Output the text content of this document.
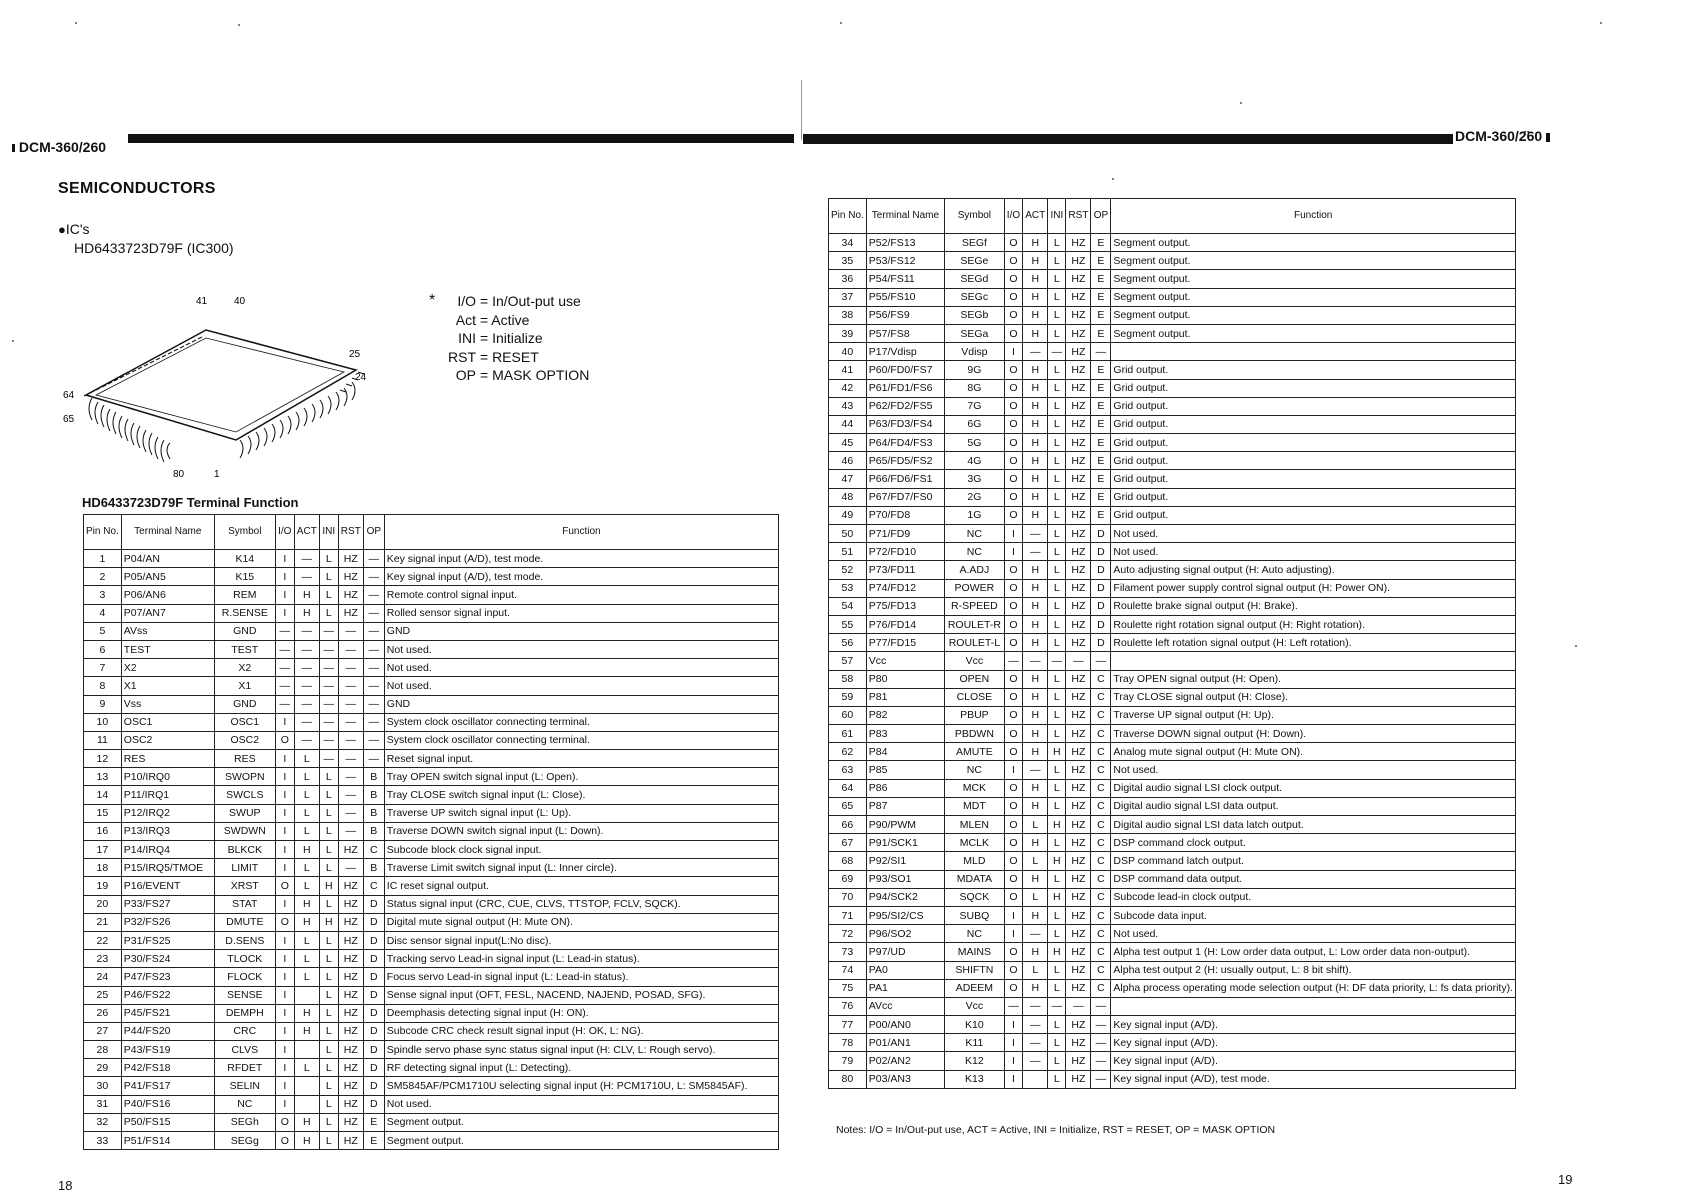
DCM-360/260
DCM-360/2̈60
SEMICONDUCTORS
●IC's
HD6433723D79F (IC300)
41	40
25
24
64
65
80	1
* I/O	= In/Out-put use
Act	= Active
INI	= Initialize
RST	= RESET
OP	= MASK OPTION
HD6433723D79F Terminal Function
Pin No.	Terminal Name	Symbol	I/O	ACT	INI	RST	OP	Function
1	P04/AN	K14	I	—	L	HZ	—	Key signal input (A/D), test mode.
2	P05/AN5	K15	I	—	L	HZ	—	Key signal input (A/D), test mode.
3	P06/AN6	REM	I	H	L	HZ	—	Remote control signal input.
4	P07/AN7	R.SENSE	I	H	L	HZ	—	Rolled sensor signal input.
5	AVss	GND	—	—	—	—	—	GND
6	TEST	TEST	—	—	—	—	—	Not used.
7	X2	X2	—	—	—	—	—	Not used.
8	X1	X1	—	—	—	—	—	Not used.
9	Vss	GND	—	—	—	—	—	GND
10	OSC1	OSC1	I	—	—	—	—	System clock oscillator connecting terminal.
11	OSC2	OSC2	O	—	—	—	—	System clock oscillator connecting terminal.
12	RES	RES	I	L	—	—	—	Reset signal input.
13	P10/IRQ0	SWOPN	I	L	L	—	B	Tray OPEN switch signal input (L: Open).
14	P11/IRQ1	SWCLS	I	L	L	—	B	Tray CLOSE switch signal input (L: Close).
15	P12/IRQ2	SWUP	I	L	L	—	B	Traverse UP switch signal input (L: Up).
16	P13/IRQ3	SWDWN	I	L	L	—	B	Traverse DOWN switch signal input (L: Down).
17	P14/IRQ4	BLKCK	I	H	L	HZ	C	Subcode block clock signal input.
18	P15/IRQ5/TMOE	LIMIT	I	L	L	—	B	Traverse Limit switch signal input (L: Inner circle).
19	P16/EVENT	XRST	O	L	H	HZ	C	IC reset signal output.
20	P33/FS27	STAT	I	H	L	HZ	D	Status signal input (CRC, CUE, CLVS, TTSTOP, FCLV, SQCK).
21	P32/FS26	DMUTE	O	H	H	HZ	D	Digital mute signal output (H: Mute ON).
22	P31/FS25	D.SENS	I	L	L	HZ	D	Disc sensor signal input(L:No disc).
23	P30/FS24	TLOCK	I	L	L	HZ	D	Tracking servo Lead-in signal input (L: Lead-in status).
24	P47/FS23	FLOCK	I	L	L	HZ	D	Focus servo Lead-in signal input (L: Lead-in status).
25	P46/FS22	SENSE	I		L	HZ	D	Sense signal input (OFT, FESL, NACEND, NAJEND, POSAD, SFG).
26	P45/FS21	DEMPH	I	H	L	HZ	D	Deemphasis detecting signal input (H: ON).
27	P44/FS20	CRC	I	H	L	HZ	D	Subcode CRC check result signal input (H: OK, L: NG).
28	P43/FS19	CLVS	I		L	HZ	D	Spindle servo phase sync status signal input (H: CLV, L: Rough servo).
29	P42/FS18	RFDET	I	L	L	HZ	D	RF detecting signal input (L: Detecting).
30	P41/FS17	SELIN	I		L	HZ	D	SM5845AF/PCM1710U selecting signal input (H: PCM1710U, L: SM5845AF).
31	P40/FS16	NC	I		L	HZ	D	Not used.
32	P50/FS15	SEGh	O	H	L	HZ	E	Segment output.
33	P51/FS14	SEGg	O	H	L	HZ	E	Segment output.
Pin No.	Terminal Name	Symbol	I/O	ACT	INI	RST	OP	Function
34	P52/FS13	SEGf	O	H	L	HZ	E	Segment output.
35	P53/FS12	SEGe	O	H	L	HZ	E	Segment output.
36	P54/FS11	SEGd	O	H	L	HZ	E	Segment output.
37	P55/FS10	SEGc	O	H	L	HZ	E	Segment output.
38	P56/FS9	SEGb	O	H	L	HZ	E	Segment output.
39	P57/FS8	SEGa	O	H	L	HZ	E	Segment output.
40	P17/Vdisp	Vdisp	I	—	—	HZ	—	
41	P60/FD0/FS7	9G	O	H	L	HZ	E	Grid output.
42	P61/FD1/FS6	8G	O	H	L	HZ	E	Grid output.
43	P62/FD2/FS5	7G	O	H	L	HZ	E	Grid output.
44	P63/FD3/FS4	6G	O	H	L	HZ	E	Grid output.
45	P64/FD4/FS3	5G	O	H	L	HZ	E	Grid output.
46	P65/FD5/FS2	4G	O	H	L	HZ	E	Grid output.
47	P66/FD6/FS1	3G	O	H	L	HZ	E	Grid output.
48	P67/FD7/FS0	2G	O	H	L	HZ	E	Grid output.
49	P70/FD8	1G	O	H	L	HZ	E	Grid output.
50	P71/FD9	NC	I	—	L	HZ	D	Not used.
51	P72/FD10	NC	I	—	L	HZ	D	Not used.
52	P73/FD11	A.ADJ	O	H	L	HZ	D	Auto adjusting signal output (H: Auto adjusting).
53	P74/FD12	POWER	O	H	L	HZ	D	Filament power supply control signal output (H: Power ON).
54	P75/FD13	R-SPEED	O	H	L	HZ	D	Roulette brake signal output (H: Brake).
55	P76/FD14	ROULET-R	O	H	L	HZ	D	Roulette right rotation signal output (H: Right rotation).
56	P77/FD15	ROULET-L	O	H	L	HZ	D	Roulette left rotation signal output (H: Left rotation).
57	Vcc	Vcc	—	—	—	—	—	
58	P80	OPEN	O	H	L	HZ	C	Tray OPEN signal output (H: Open).
59	P81	CLOSE	O	H	L	HZ	C	Tray CLOSE signal output (H: Close).
60	P82	PBUP	O	H	L	HZ	C	Traverse UP signal output (H: Up).
61	P83	PBDWN	O	H	L	HZ	C	Traverse DOWN signal output (H: Down).
62	P84	AMUTE	O	H	H	HZ	C	Analog mute signal output (H: Mute ON).
63	P85	NC	I	—	L	HZ	C	Not used.
64	P86	MCK	O	H	L	HZ	C	Digital audio signal LSI clock output.
65	P87	MDT	O	H	L	HZ	C	Digital audio signal LSI data output.
66	P90/PWM	MLEN	O	L	H	HZ	C	Digital audio signal LSI data latch output.
67	P91/SCK1	MCLK	O	H	L	HZ	C	DSP command clock output.
68	P92/SI1	MLD	O	L	H	HZ	C	DSP command latch output.
69	P93/SO1	MDATA	O	H	L	HZ	C	DSP command data output.
70	P94/SCK2	SQCK	O	L	H	HZ	C	Subcode lead-in clock output.
71	P95/SI2/CS	SUBQ	I	H	L	HZ	C	Subcode data input.
72	P96/SO2	NC	I	—	L	HZ	C	Not used.
73	P97/UD	MAINS	O	H	H	HZ	C	Alpha test output 1 (H: Low order data output, L: Low order data non-output).
74	PA0	SHIFTN	O	L	L	HZ	C	Alpha test output 2 (H: usually output, L: 8 bit shift).
75	PA1	ADEEM	O	H	L	HZ	C	Alpha process operating mode selection output (H: DF data priority, L: fs data priority).
76	AVcc	Vcc	—	—	—	—	—	
77	P00/AN0	K10	I	—	L	HZ	—	Key signal input (A/D).
78	P01/AN1	K11	I	—	L	HZ	—	Key signal input (A/D).
79	P02/AN2	K12	I	—	L	HZ	—	Key signal input (A/D).
80	P03/AN3	K13	I		L	HZ	—	Key signal input (A/D), test mode.
Notes: I/O = In/Out-put use, ACT = Active, INI = Initialize, RST = RESET, OP = MASK OPTION
18	19
